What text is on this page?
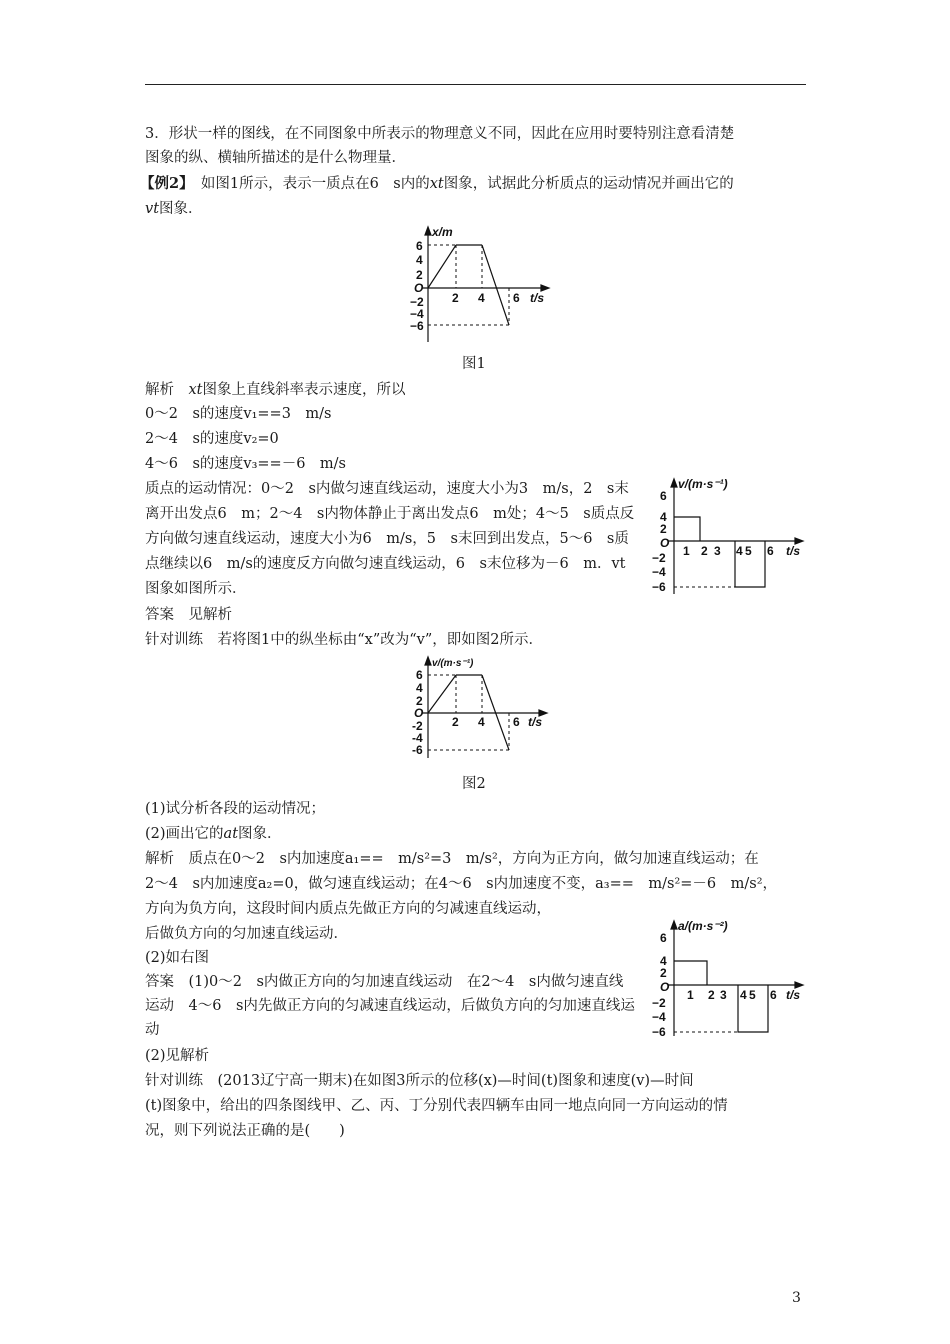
3．形状一样的图线，在不同图象中所表示的物理意义不同，因此在应用时要特别注意看清楚
图象的纵、横轴所描述的是什么物理量．
【例2】　如图1所示，表示一质点在6　s内的xt图象，试据此分析质点的运动情况并画出它的
vt图象．
x/m
6
4
2
O
−2
−4
−6
2 4 6 t/s
图1
解析　xt图象上直线斜率表示速度，所以
0～2　s的速度v₁==3　m/s
2～4　s的速度v₂=0
4～6　s的速度v₃==－6　m/s
质点的运动情况：0～2　s内做匀速直线运动，速度大小为3　m/s，2　s末离开出发点6　m；2～4　s内物体静止于离出发点6　m处；4～5　s质点反方向做匀速直线运动，速度大小为6　m/s，5　s末回到出发点，5～6　s质点继续以6　m/s的速度反方向做匀速直线运动，6　s末位移为－6　m．vt图象如图所示．
v/(m·s⁻¹)
6
4
2
O
−2
−4
−6
1 2 3 4 5 6 t/s
答案　见解析
针对训练　若将图1中的纵坐标由“x”改为“v”，即如图2所示．
v/(m·s⁻¹)
6
4
2
O
-2
-4
-6
2 4 6 t/s
图2
(1)试分析各段的运动情况；
(2)画出它的at图象．
解析　质点在0～2　s内加速度a₁==　m/s²=3　m/s²，方向为正方向，做匀加速直线运动；在
2～4　s内加速度a₂=0，做匀速直线运动；在4～6　s内加速度不变，a₃==　m/s²=－6　m/s²，
方向为负方向，这段时间内质点先做正方向的匀减速直线运动，
后做负方向的匀加速直线运动．
(2)如右图
a/(m·s⁻²)
6
4
2
O
−2
−4
−6
1 2 3 4 5 6 t/s
答案　(1)0～2　s内做正方向的匀加速直线运动　在2～4　s内做匀速直线运动　4～6　s内先做正方向的匀减速直线运动，后做负方向的匀加速直线运动
(2)见解析
针对训练　(2013辽宁高一期末)在如图3所示的位移(x)—时间(t)图象和速度(v)—时间
(t)图象中，给出的四条图线甲、乙、丙、丁分别代表四辆车由同一地点向同一方向运动的情
况，则下列说法正确的是(　　)
3
